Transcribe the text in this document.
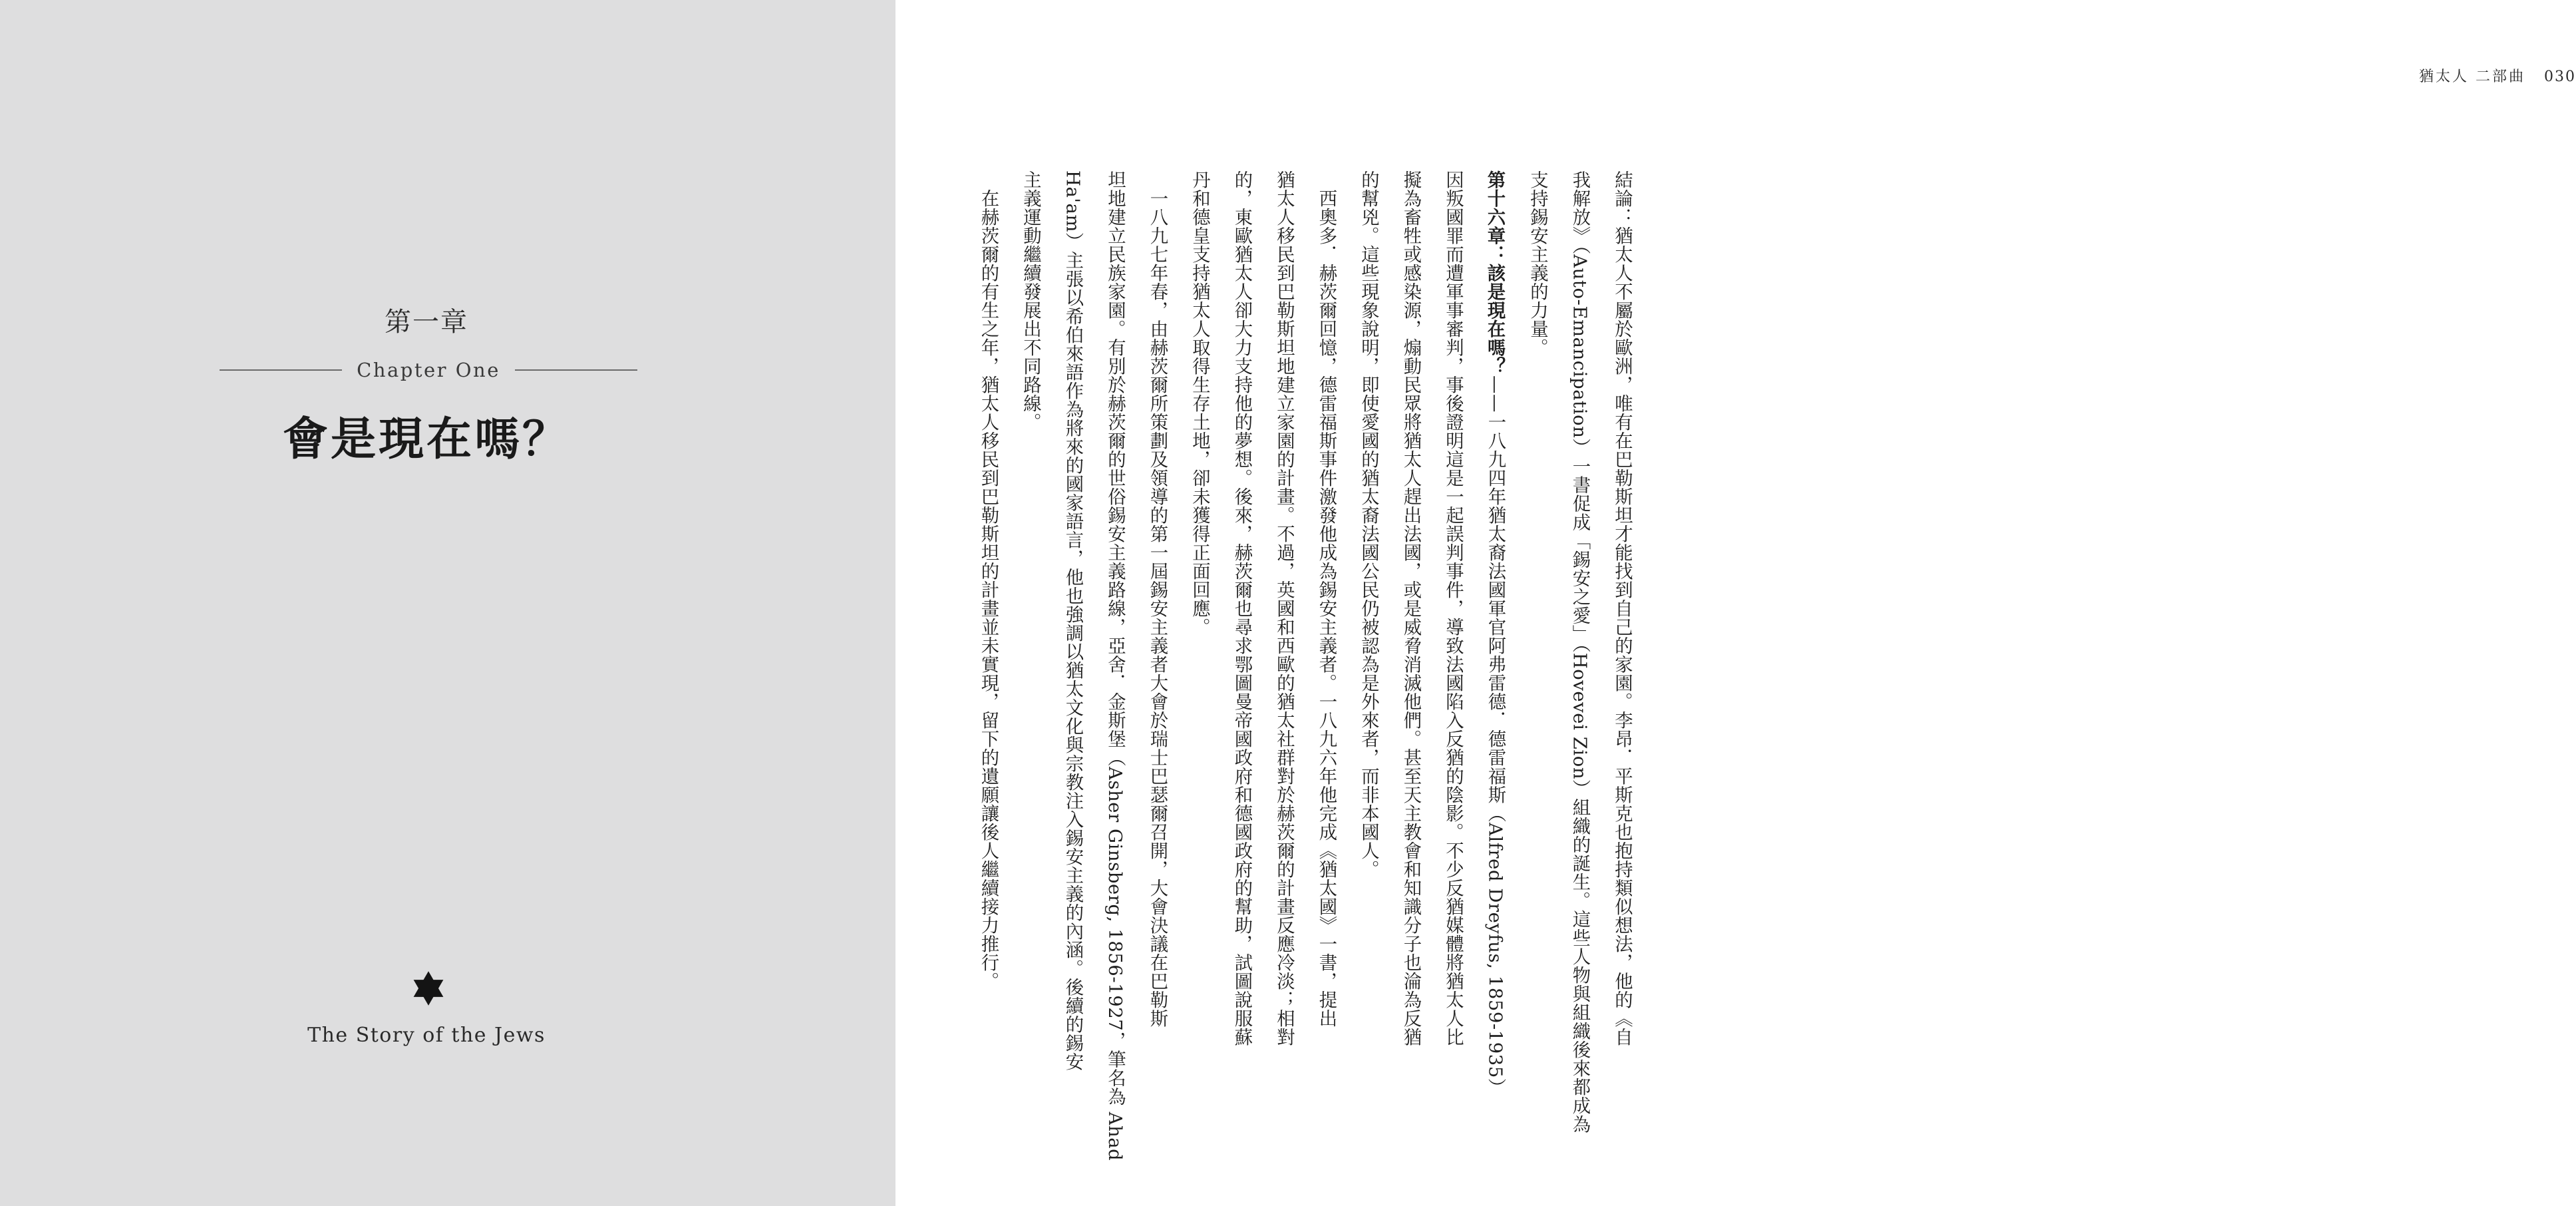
第一章
Chapter One
會是現在嗎？
The Story of the Jews
猶太人 二部曲 030
結論：猶太人不屬於歐洲，唯有在巴勒斯坦才能找到自己的家園。李昂．平斯克也抱持類似想法，他的《自
我解放》（Auto-Emancipation）一書促成「錫安之愛」（Hovevei Zion）組織的誕生。這些人物與組織後來都成為
支持錫安主義的力量。
第十六章：該是現在嗎？——一八九四年猶太裔法國軍官阿弗雷德．德雷福斯（Alfred Dreyfus, 1859-1935）
因叛國罪而遭軍事審判，事後證明這是一起誤判事件，導致法國陷入反猶的陰影。不少反猶媒體將猶太人比
擬為畜牲或感染源，煽動民眾將猶太人趕出法國，或是威脅消滅他們。甚至天主教會和知識分子也淪為反猶
的幫兇。這些現象說明，即使愛國的猶太裔法國公民仍被認為是外來者，而非本國人。
　西奧多．赫茨爾回憶，德雷福斯事件激發他成為錫安主義者。一八九六年他完成《猶太國》一書，提出
猶太人移民到巴勒斯坦地建立家園的計畫。不過，英國和西歐的猶太社群對於赫茨爾的計畫反應冷淡；相對
的，東歐猶太人卻大力支持他的夢想。後來，赫茨爾也尋求鄂圖曼帝國政府和德國政府的幫助，試圖說服蘇
丹和德皇支持猶太人取得生存土地，卻未獲得正面回應。
　一八九七年春，由赫茨爾所策劃及領導的第一屆錫安主義者大會於瑞士巴瑟爾召開，大會決議在巴勒斯
坦地建立民族家園。有別於赫茨爾的世俗錫安主義路線，亞舍．金斯堡（Asher Ginsberg, 1856-1927，筆名為 Ahad
Ha'am）主張以希伯來語作為將來的國家語言，他也強調以猶太文化與宗教注入錫安主義的內涵。後續的錫安
主義運動繼續發展出不同路線。
　在赫茨爾的有生之年，猶太人移民到巴勒斯坦的計畫並未實現，留下的遺願讓後人繼續接力推行。
